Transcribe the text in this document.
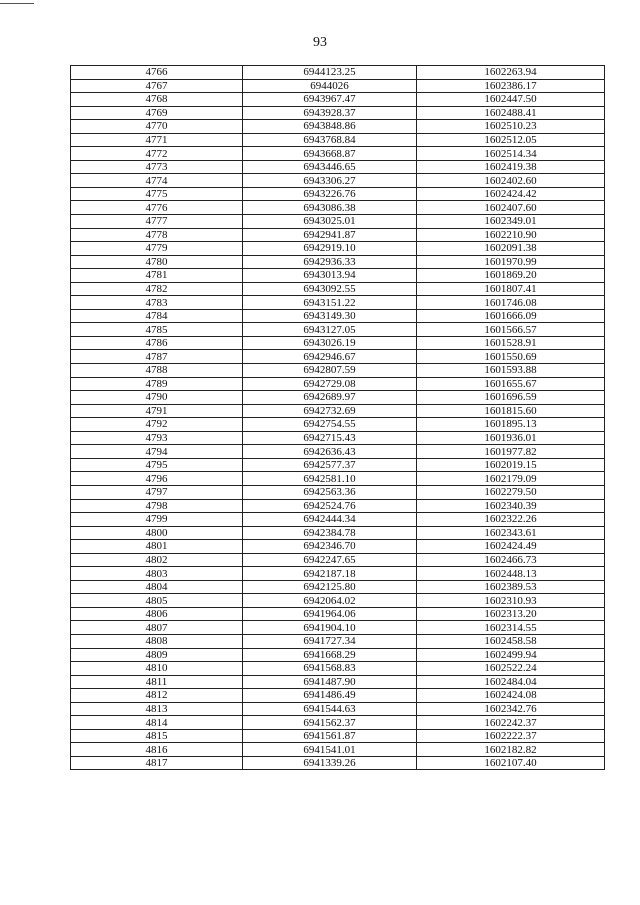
93
4766	6944123.25	1602263.94
4767	6944026	1602386.17
4768	6943967.47	1602447.50
4769	6943928.37	1602488.41
4770	6943848.86	1602510.23
4771	6943768.84	1602512.05
4772	6943668.87	1602514.34
4773	6943446.65	1602419.38
4774	6943306.27	1602402.60
4775	6943226.76	1602424.42
4776	6943086.38	1602407.60
4777	6943025.01	1602349.01
4778	6942941.87	1602210.90
4779	6942919.10	1602091.38
4780	6942936.33	1601970.99
4781	6943013.94	1601869.20
4782	6943092.55	1601807.41
4783	6943151.22	1601746.08
4784	6943149.30	1601666.09
4785	6943127.05	1601566.57
4786	6943026.19	1601528.91
4787	6942946.67	1601550.69
4788	6942807.59	1601593.88
4789	6942729.08	1601655.67
4790	6942689.97	1601696.59
4791	6942732.69	1601815.60
4792	6942754.55	1601895.13
4793	6942715.43	1601936.01
4794	6942636.43	1601977.82
4795	6942577.37	1602019.15
4796	6942581.10	1602179.09
4797	6942563.36	1602279.50
4798	6942524.76	1602340.39
4799	6942444.34	1602322.26
4800	6942384.78	1602343.61
4801	6942346.70	1602424.49
4802	6942247.65	1602466.73
4803	6942187.18	1602448.13
4804	6942125.80	1602389.53
4805	6942064.02	1602310.93
4806	6941964.06	1602313.20
4807	6941904.10	1602314.55
4808	6941727.34	1602458.58
4809	6941668.29	1602499.94
4810	6941568.83	1602522.24
4811	6941487.90	1602484.04
4812	6941486.49	1602424.08
4813	6941544.63	1602342.76
4814	6941562.37	1602242.37
4815	6941561.87	1602222.37
4816	6941541.01	1602182.82
4817	6941339.26	1602107.40
